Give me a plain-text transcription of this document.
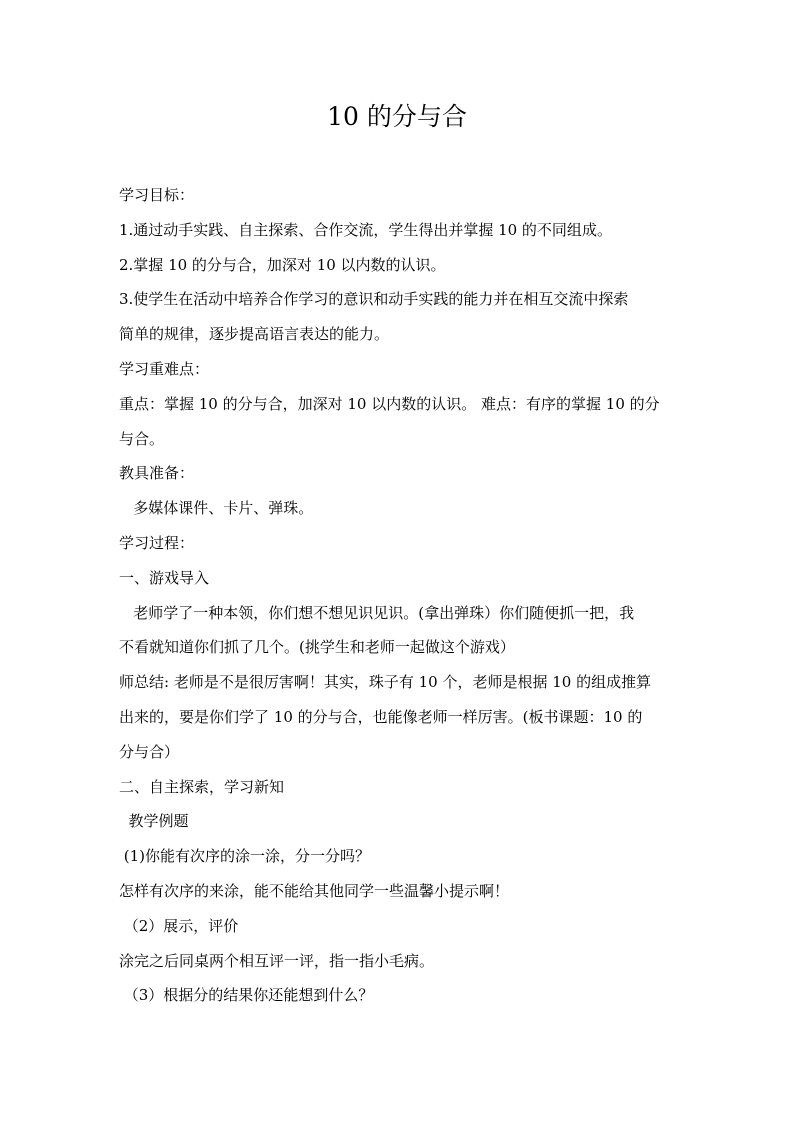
10 的分与合
学习目标：
1.通过动手实践、自主探索、合作交流，学生得出并掌握 10 的不同组成。
2.掌握 10 的分与合，加深对 10 以内数的认识。
3.使学生在活动中培养合作学习的意识和动手实践的能力并在相互交流中探索
简单的规律，逐步提高语言表达的能力。
学习重难点：
重点：掌握 10 的分与合，加深对 10 以内数的认识。 难点：有序的掌握 10 的分
与合。
教具准备：
多媒体课件、卡片、弹珠。
学习过程：
一、游戏导入
老师学了一种本领，你们想不想见识见识。(拿出弹珠）你们随便抓一把，我
不看就知道你们抓了几个。(挑学生和老师一起做这个游戏）
师总结: 老师是不是很厉害啊！其实，珠子有 10 个，老师是根据 10 的组成推算
出来的，要是你们学了 10 的分与合，也能像老师一样厉害。(板书课题：10 的
分与合）
二、自主探索，学习新知
教学例题
(1)你能有次序的涂一涂，分一分吗？
怎样有次序的来涂，能不能给其他同学一些温馨小提示啊！
（2）展示，评价
涂完之后同桌两个相互评一评，指一指小毛病。
（3）根据分的结果你还能想到什么？
